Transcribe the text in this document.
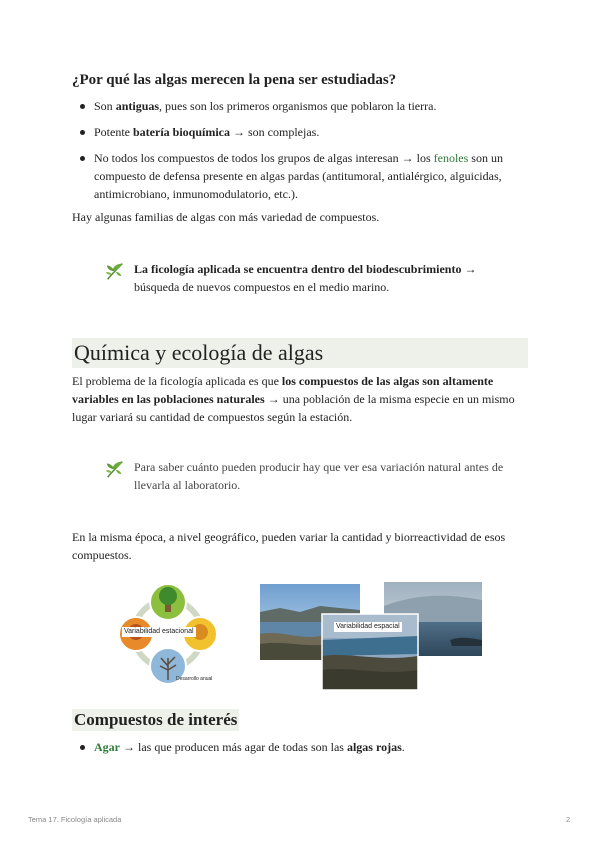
¿Por qué las algas merecen la pena ser estudiadas?
Son antiguas, pues son los primeros organismos que poblaron la tierra.
Potente batería bioquímica → son complejas.
No todos los compuestos de todos los grupos de algas interesan → los fenoles son un compuesto de defensa presente en algas pardas (antitumoral, antialérgico, alguicidas, antimicrobiano, inmunomodulatorio, etc.).

Hay algunas familias de algas con más variedad de compuestos.

La ficología aplicada se encuentra dentro del biodescubrimiento → búsqueda de nuevos compuestos en el medio marino.
Química y ecología de algas

El problema de la ficología aplicada es que los compuestos de las algas son altamente variables en las poblaciones naturales → una población de la misma especie en un mismo lugar variará su cantidad de compuestos según la estación.

Para saber cuánto pueden producir hay que ver esa variación natural antes de llevarla al laboratorio.

En la misma época, a nivel geográfico, pueden variar la cantidad y biorreactividad de esos compuestos.

Variabilidad estacional
Desarrollo anual
Variabilidad espacial
Compuestos de interés
Agar → las que producen más agar de todas son las algas rojas.
Tema 17. Ficología aplicada	2
